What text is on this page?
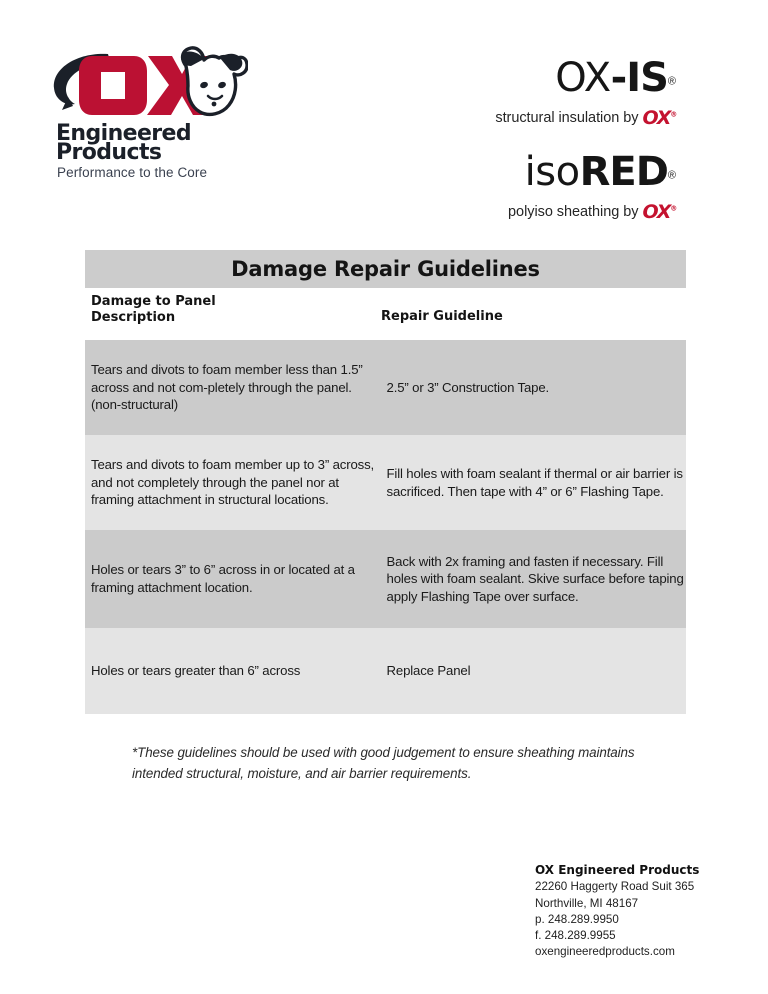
Engineered
Products
Performance to the Core
OX-IS®
structural insulation by OX®
isoRED®
polyiso sheathing by OX®
Damage Repair Guidelines
Damage to Panel
Description	Repair Guideline
Tears and divots to foam member less than 1.5” across and not com-pletely through the panel. (non-structural)
2.5” or 3” Construction Tape.
Tears and divots to foam member up to 3” across, and not completely through the panel nor at framing attachment in structural locations.
Fill holes with foam sealant if thermal or air barrier is sacrificed. Then tape with 4” or 6” Flashing Tape.
Holes or tears 3” to 6” across in or located at a framing attachment location.
Back with 2x framing and fasten if necessary. Fill holes with foam sealant. Skive surface before taping apply Flashing Tape over surface.
Holes or tears greater than 6” across	Replace Panel
*These guidelines should be used with good judgement to ensure sheathing maintains intended structural, moisture, and air barrier requirements.
OX Engineered Products
22260 Haggerty Road Suit 365
Northville, MI 48167
p. 248.289.9950
f. 248.289.9955
oxengineeredproducts.com
